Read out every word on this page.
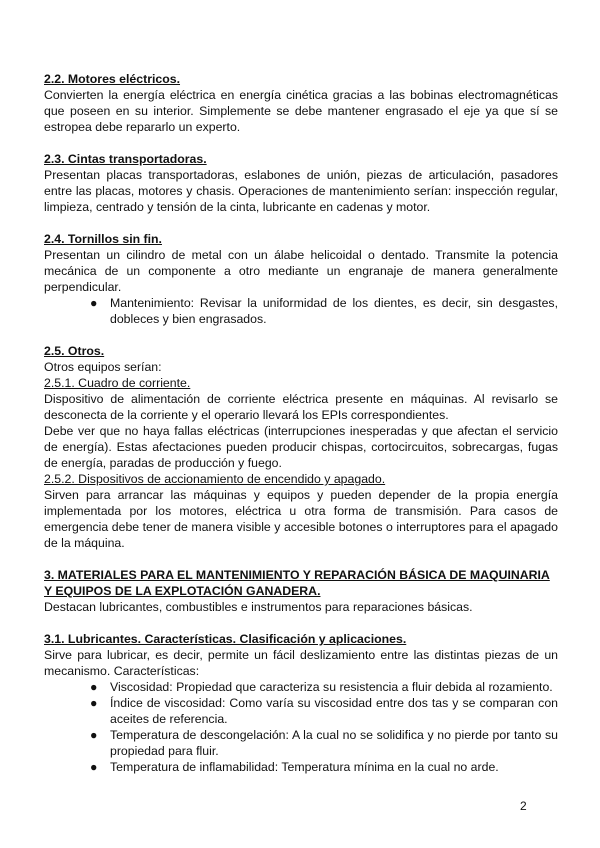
2.2. Motores eléctricos.

Convierten la energía eléctrica en energía cinética gracias a las bobinas electromagnéticas que poseen en su interior. Simplemente se debe mantener engrasado el eje ya que sí se estropea debe repararlo un experto.

2.3. Cintas transportadoras.

Presentan placas transportadoras, eslabones de unión, piezas de articulación, pasadores entre las placas, motores y chasis. Operaciones de mantenimiento serían: inspección regular, limpieza, centrado y tensión de la cinta, lubricante en cadenas y motor.

2.4. Tornillos sin fin.

Presentan un cilindro de metal con un álabe helicoidal o dentado. Transmite la potencia mecánica de un componente a otro mediante un engranaje de manera generalmente perpendicular.

● Mantenimiento: Revisar la uniformidad de los dientes, es decir, sin desgastes, dobleces y bien engrasados.
2.5. Otros.

Otros equipos serían:

2.5.1. Cuadro de corriente.

Dispositivo de alimentación de corriente eléctrica presente en máquinas. Al revisarlo se desconecta de la corriente y el operario llevará los EPIs correspondientes.

Debe ver que no haya fallas eléctricas (interrupciones inesperadas y que afectan el servicio de energía). Estas afectaciones pueden producir chispas, cortocircuitos, sobrecargas, fugas de energía, paradas de producción y fuego.

2.5.2. Dispositivos de accionamiento de encendido y apagado.

Sirven para arrancar las máquinas y equipos y pueden depender de la propia energía implementada por los motores, eléctrica u otra forma de transmisión. Para casos de emergencia debe tener de manera visible y accesible botones o interruptores para el apagado de la máquina.

3. MATERIALES PARA EL MANTENIMIENTO Y REPARACIÓN BÁSICA DE MAQUINARIA Y EQUIPOS DE LA EXPLOTACIÓN GANADERA.

Destacan lubricantes, combustibles e instrumentos para reparaciones básicas.

3.1. Lubricantes. Características. Clasificación y aplicaciones.

Sirve para lubricar, es decir, permite un fácil deslizamiento entre las distintas piezas de un mecanismo. Características:

● Viscosidad: Propiedad que caracteriza su resistencia a fluir debida al rozamiento.
● Índice de viscosidad: Como varía su viscosidad entre dos tas y se comparan con aceites de referencia.
● Temperatura de descongelación: A la cual no se solidifica y no pierde por tanto su propiedad para fluir.
● Temperatura de inflamabilidad: Temperatura mínima en la cual no arde.
2
